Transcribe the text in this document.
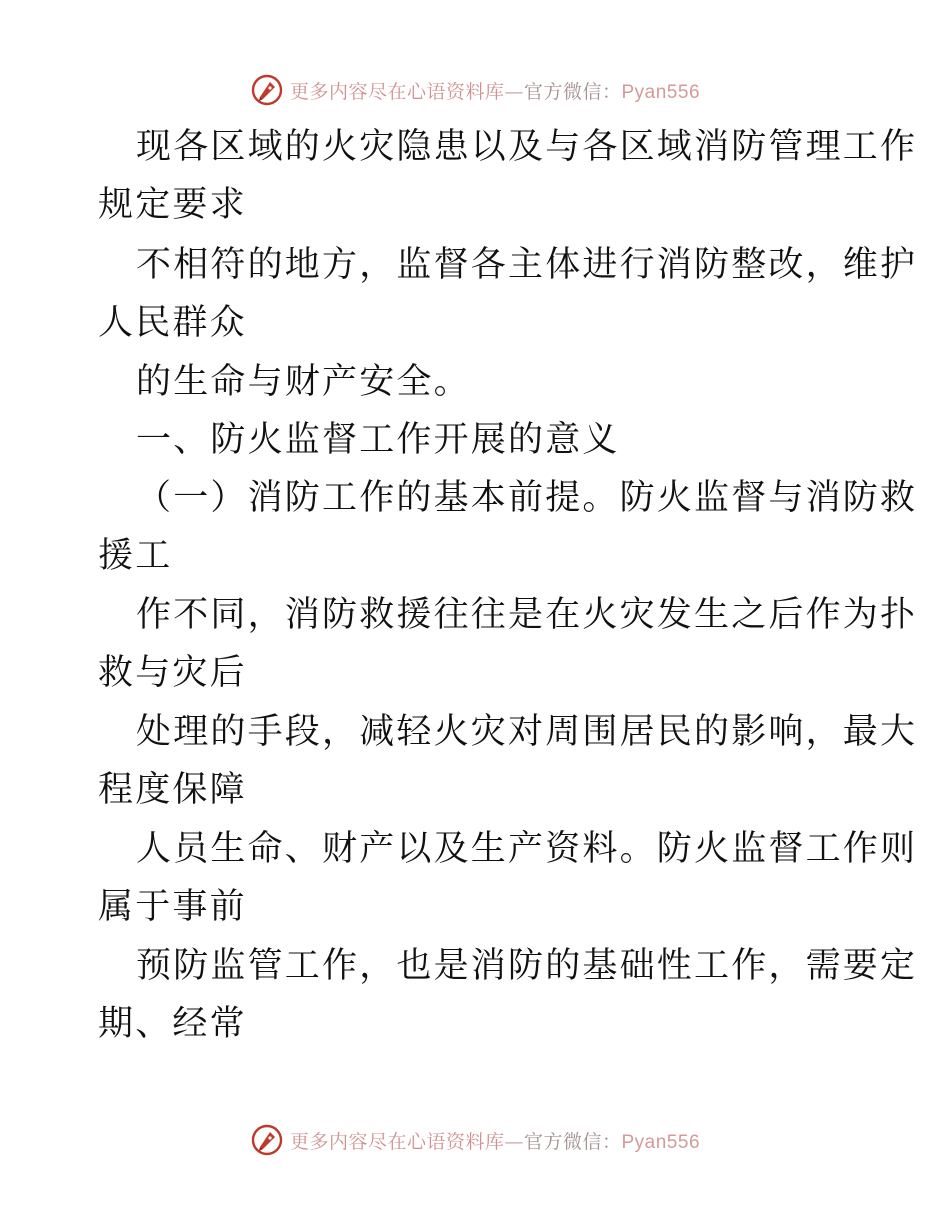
更多内容尽在心语资料库—官方微信：Pyan556
现各区域的火灾隐患以及与各区域消防管理工作
规定要求
不相符的地方，监督各主体进行消防整改，维护
人民群众
的生命与财产安全。
一、防火监督工作开展的意义
（一）消防工作的基本前提。防火监督与消防救
援工
作不同，消防救援往往是在火灾发生之后作为扑
救与灾后
处理的手段，减轻火灾对周围居民的影响，最大
程度保障
人员生命、财产以及生产资料。防火监督工作则
属于事前
预防监管工作，也是消防的基础性工作，需要定
期、经常
更多内容尽在心语资料库—官方微信：Pyan556
